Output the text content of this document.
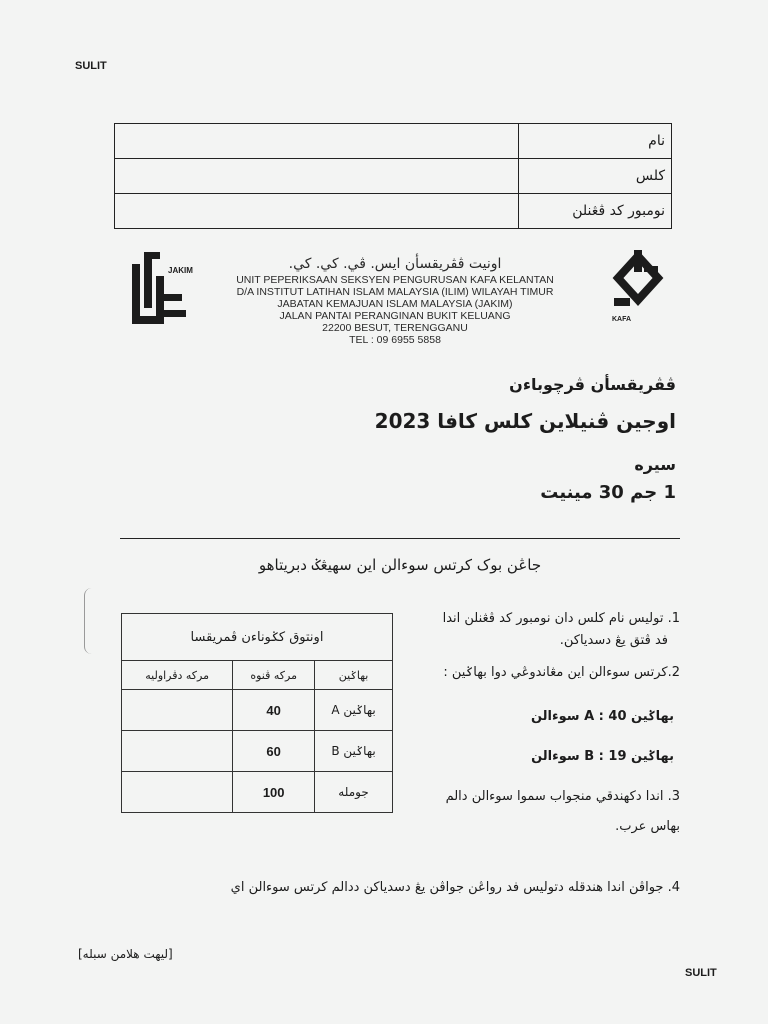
SULIT
	نام
	كلس
	نومبور كد ڤڠنلن
JAKIM	اونيت ڤڤريقسأن ايس. ڤي. كي. كي.
UNIT PEPERIKSAAN SEKSYEN PENGURUSAN KAFA KELANTAN
D/A INSTITUT LATIHAN ISLAM MALAYSIA (ILIM) WILAYAH TIMUR
JABATAN KEMAJUAN ISLAM MALAYSIA (JAKIM)
JALAN PANTAI PERANGINAN BUKIT KELUANG
22200 BESUT, TERENGGANU
TEL : 09 6955 5858
KAFA
ڤڤريقسأن ڤرچوباءن
اوجين ڤنيلاين كلس كافا 2023
سيره
1 جم 30 مينيت
جاڠن بوک کرتس سوءالن اين سهيڠݢ دبريتاهو
اونتوق كݢوناءن ڤمريقسا		
بهاݢين	مركه ڤنوه	مركه دڤراوليه
بهاݢين A	40	
بهاݢين B	60	
جومله	100	
1. توليس نام كلس دان نومبور كد ڤڠنلن اندا
فد ڤتق يڠ دسدياكن.
2.كرتس سوءالن اين مڠاندوڠي دوا بهاݢين :
بهاݢين A : 40 سوءالن
بهاݢين B : 19 سوءالن
3. اندا دكهندقي منجواب سموا سوءالن دالم
بهاس عرب.
4. جواڤن اندا هندقله دتوليس فد رواڠن جواڤن يڠ دسدياكن ددالم كرتس سوءالن اي
[ليهت هلامن سبله]
SULIT
